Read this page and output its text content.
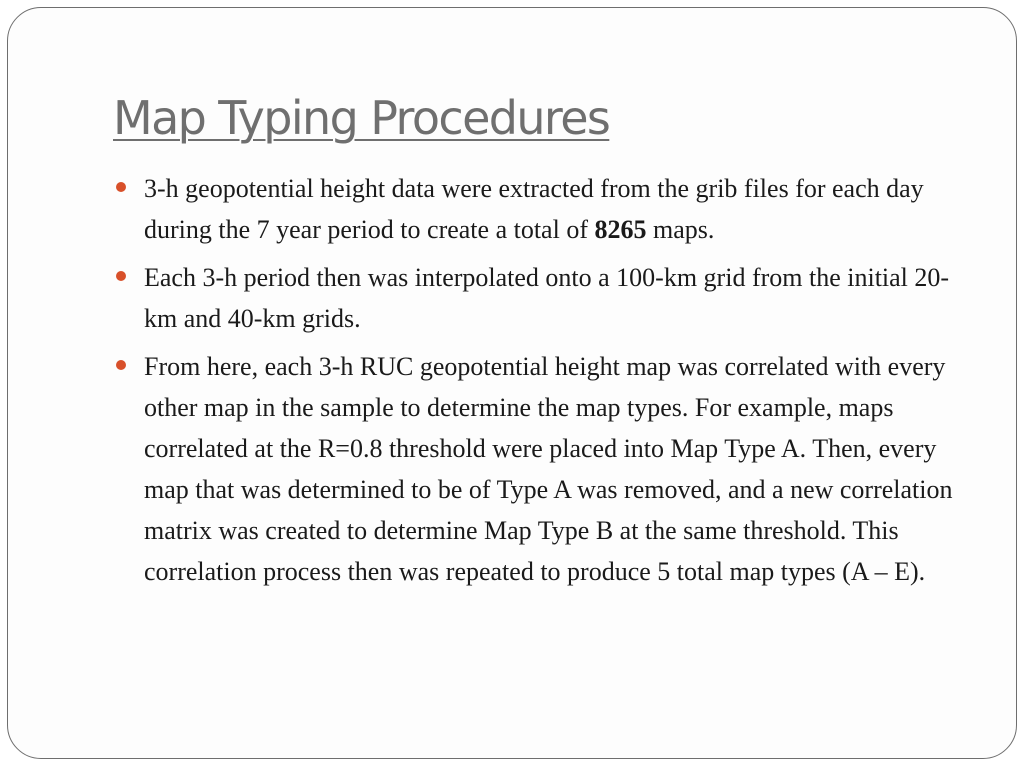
Map Typing Procedures
3-h geopotential height data were extracted from the grib files for each day during the 7 year period to create a total of 8265 maps.
Each 3-h period then was interpolated onto a 100-km grid from the initial 20-km and 40-km grids.
From here, each 3-h RUC geopotential height map was correlated with every other map in the sample to determine the map types. For example, maps correlated at the R=0.8 threshold were placed into Map Type A. Then, every map that was determined to be of Type A was removed, and a new correlation matrix was created to determine Map Type B at the same threshold. This correlation process then was repeated to produce 5 total map types (A – E).
